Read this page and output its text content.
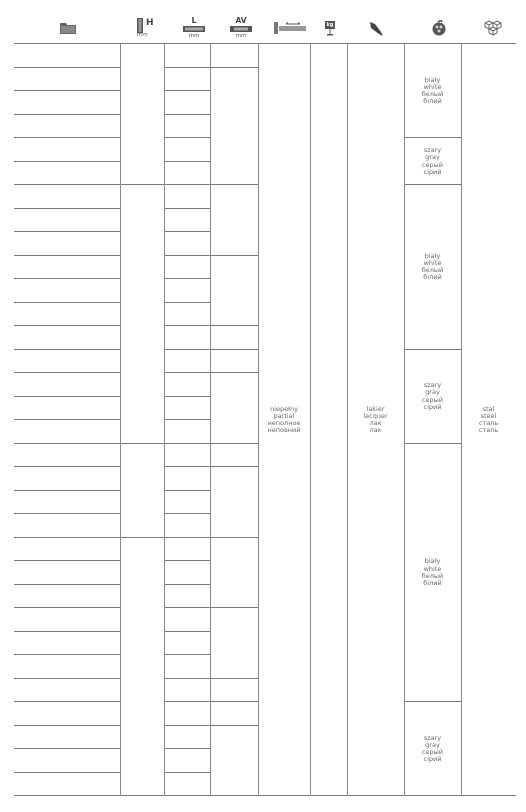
H
mm
L
mm
AV
mm
kg
biały
white
белый
білий
szary
gray
серый
сірий
biały
white
белый
білий
szary
gray
серый
сірий
biały
white
белый
білий
szary
gray
серый
сірий
niepełny
partial
неполное
неповний
lakier
lacquer
лак
лак
stal
steel
сталь
сталь
